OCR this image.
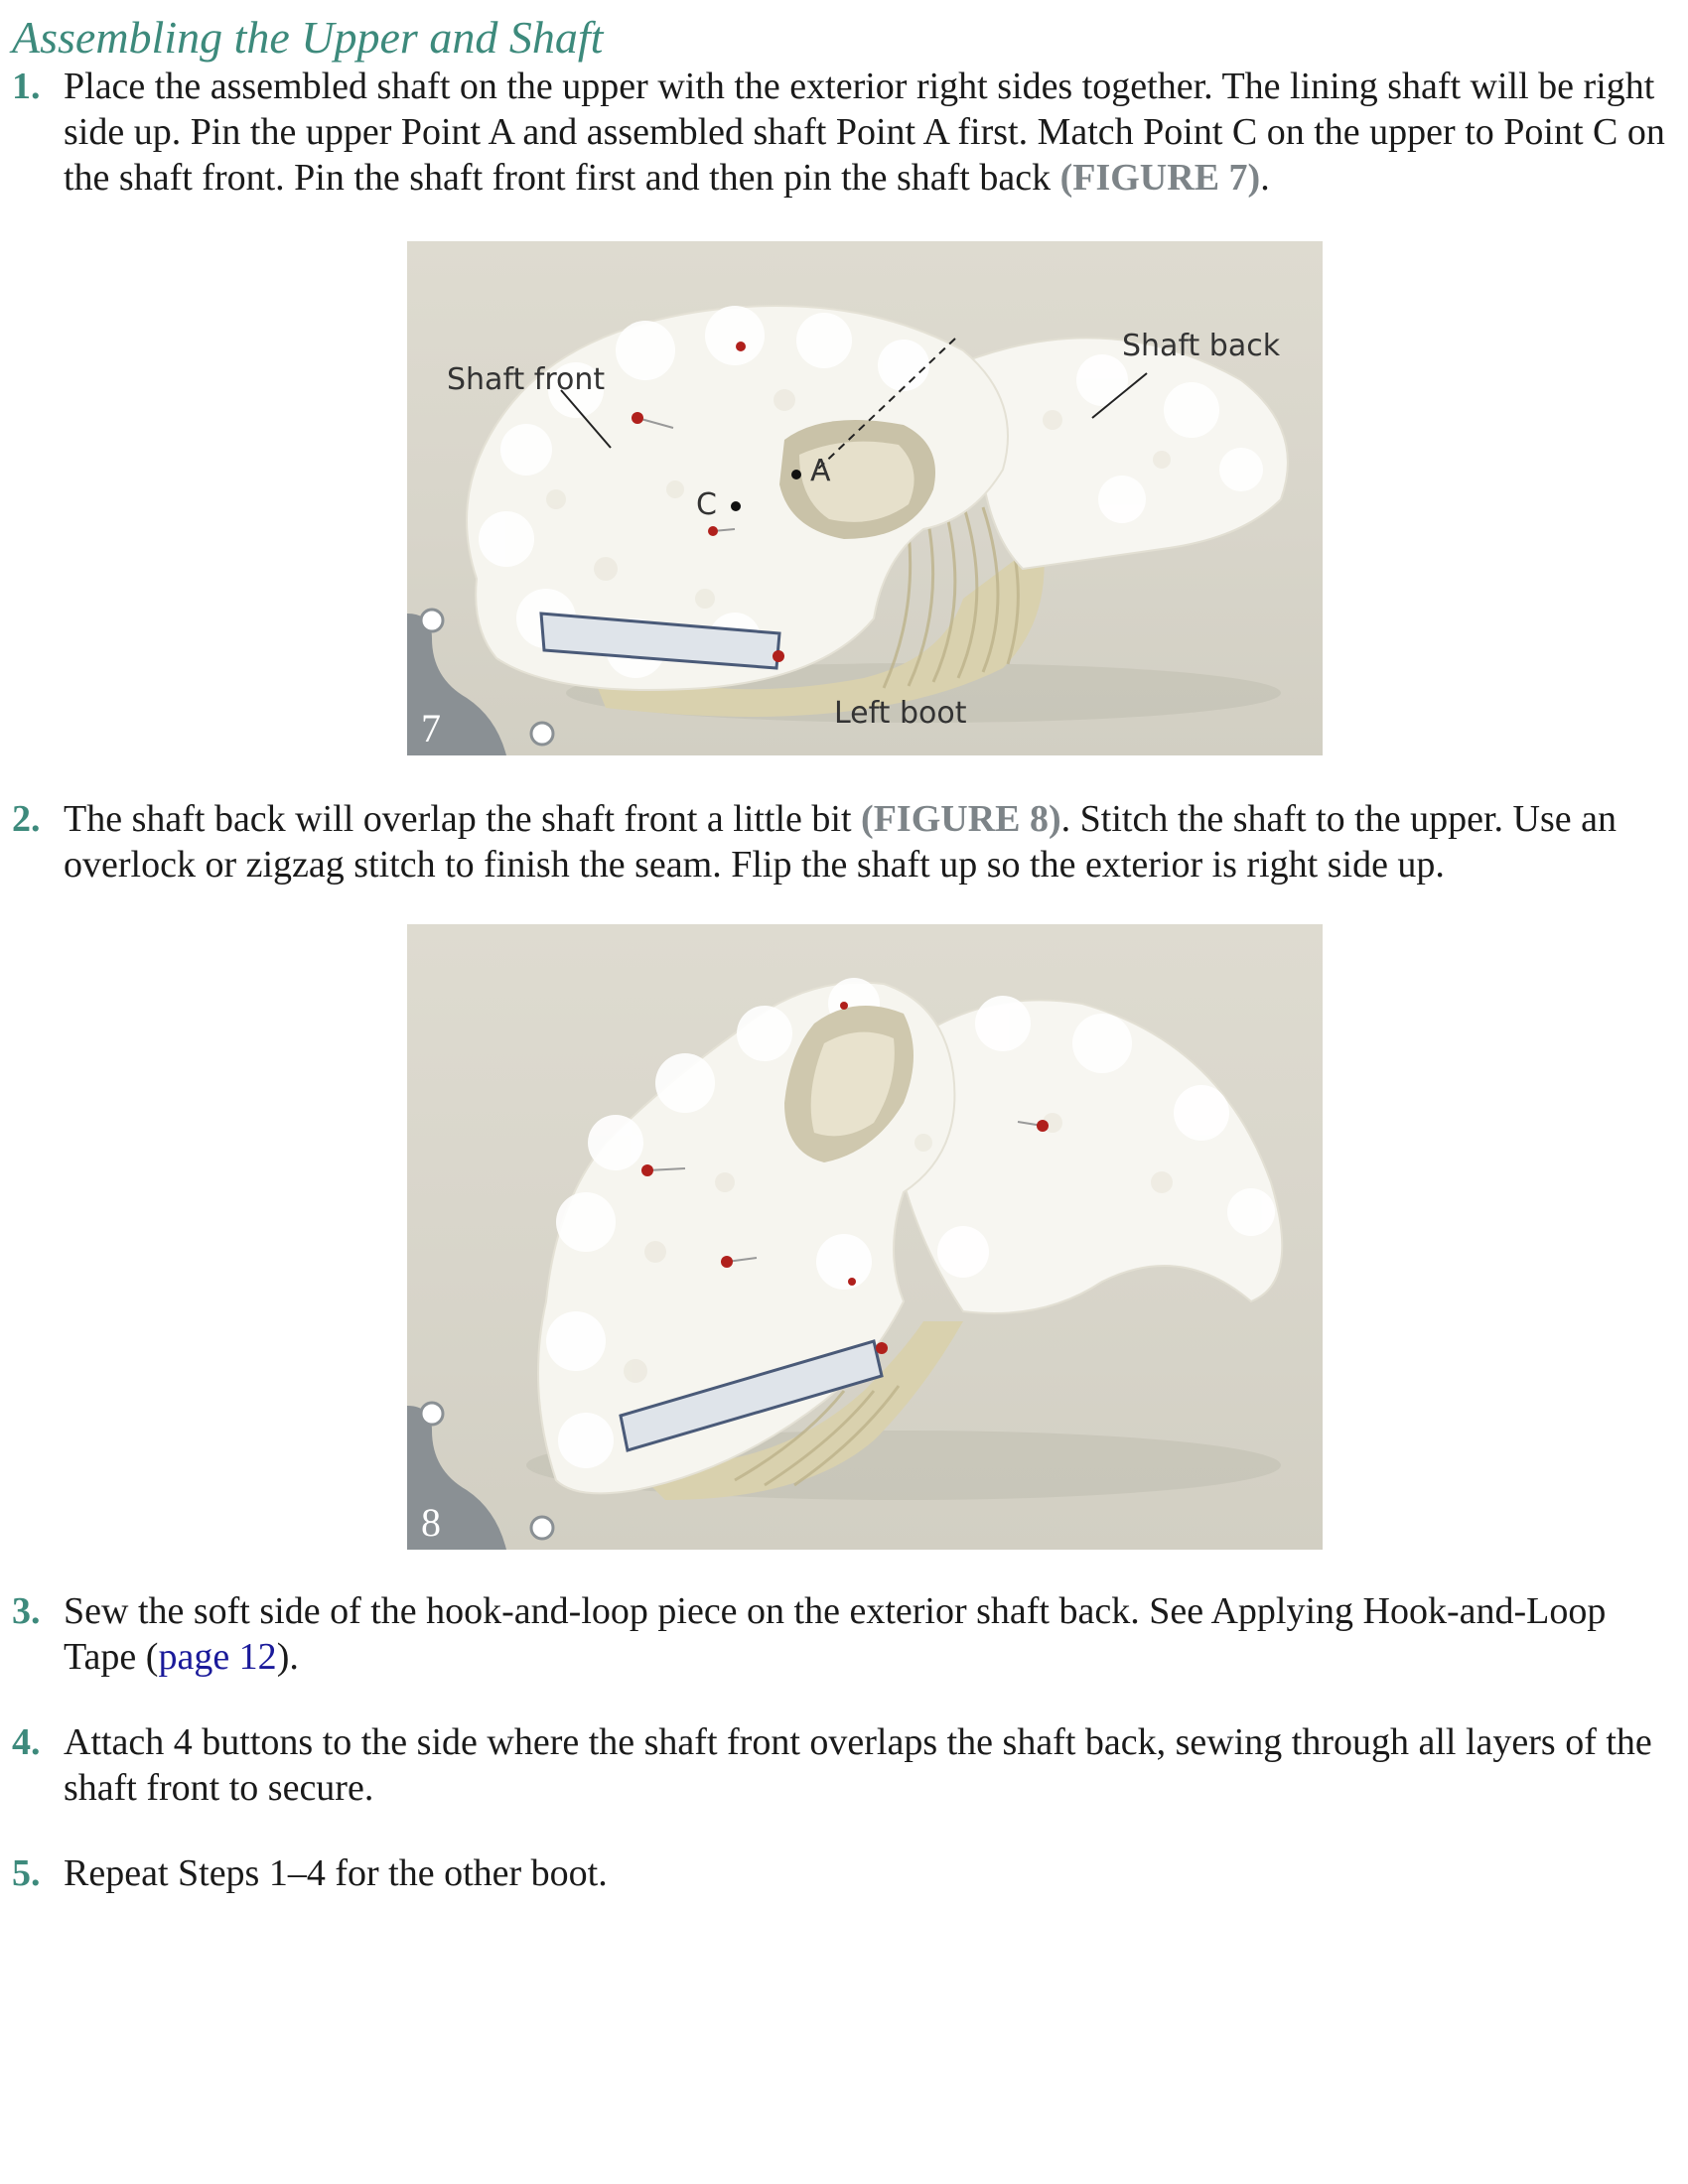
Assembling the Upper and Shaft
1. Place the assembled shaft on the upper with the exterior right sides together. The lining shaft will be right side up. Pin the upper Point A and assembled shaft Point A first. Match Point C on the upper to Point C on the shaft front. Pin the shaft front first and then pin the shaft back (FIGURE 7).
Shaft front
Shaft back
C
A
Left boot
7
2. The shaft back will overlap the shaft front a little bit (FIGURE 8). Stitch the shaft to the upper. Use an overlock or zigzag stitch to finish the seam. Flip the shaft up so the exterior is right side up.
8
3. Sew the soft side of the hook-and-loop piece on the exterior shaft back. See Applying Hook-and-Loop Tape (page 12).
4. Attach 4 buttons to the side where the shaft front overlaps the shaft back, sewing through all layers of the shaft front to secure.
5. Repeat Steps 1–4 for the other boot.
